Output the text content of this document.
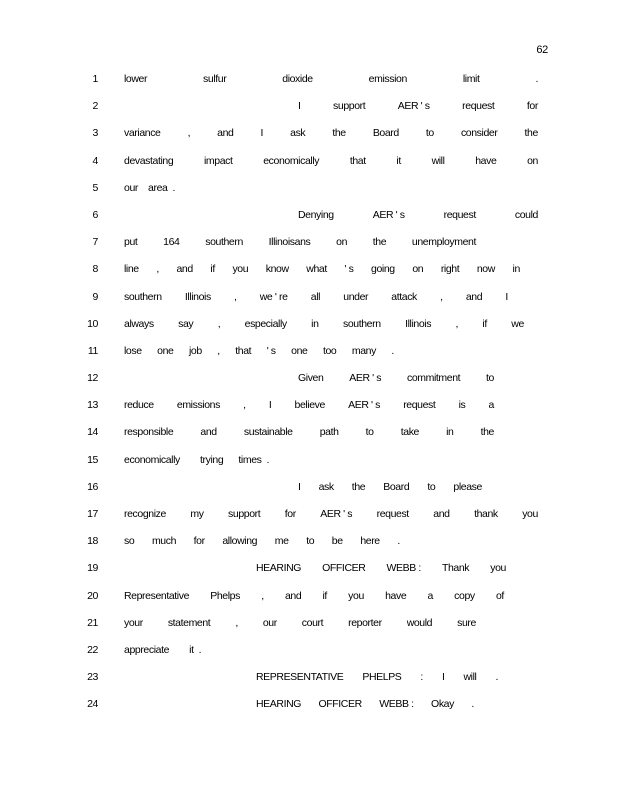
62
1 lower	sulfur	dioxide	emission	limit	.
2	I	support	AER ' s	request	for
3 variance	,	and	I	ask	the	Board	to	consider	the
4 devastating	impact	economically	that	it	will	have	on
5 our    area  .
6	Denying	AER ' s	request	could
7 put 164 southern Illinoisans on the unemployment
8 line , and if you know what ' s going on right now in
9 southern Illinois , we ' re all under attack , and I
10 always say , especially in southern Illinois , if we
11 lose one job , that ' s one too many .
12	Given AER ' s commitment to
13 reduce emissions , I believe AER ' s request is a
14 responsible	and	sustainable	path	to	take	in	the
15 economically        trying      times  .
16	I ask the Board to please
17 recognize my support for AER ' s request and thank you
18 so much for allowing me to be here .
19	HEARING OFFICER WEBB : Thank you
20 Representative Phelps , and if you have a copy of
21 your statement , our court reporter would sure
22 appreciate        it  .
23	REPRESENTATIVE PHELPS : I will .
24	HEARING OFFICER WEBB : Okay .
